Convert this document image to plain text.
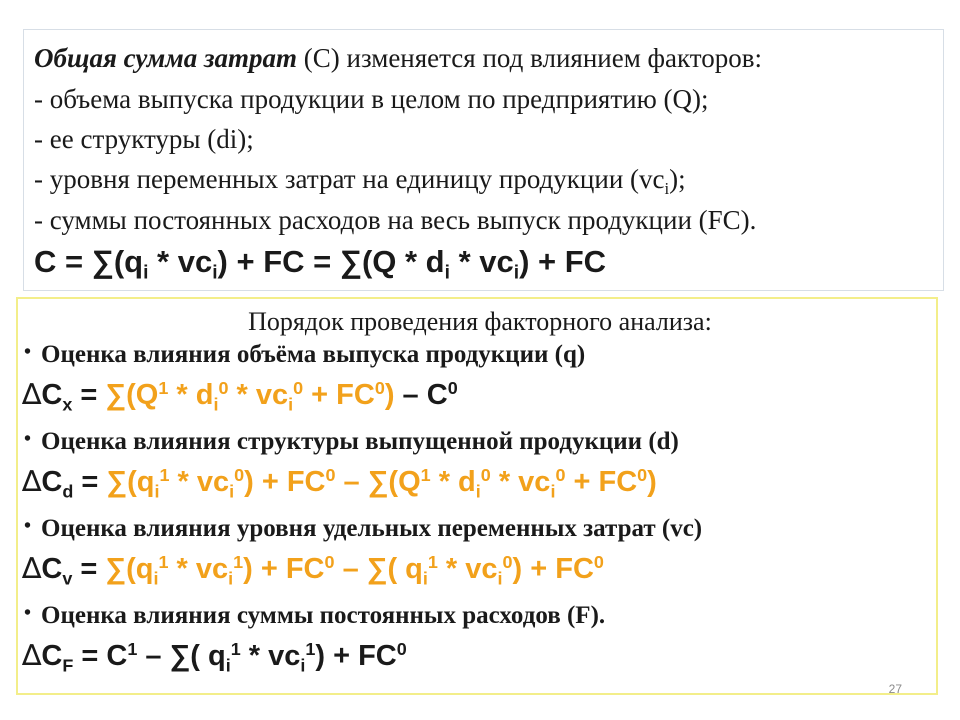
Общая сумма затрат (С) изменяется под влиянием факторов:
- объема выпуска продукции в целом по предприятию (Q);
- ее структуры (di);
- уровня переменных затрат на единицу продукции $(vc_i)$;
- суммы постоянных расходов на весь выпуск продукции (FC).
$C = \sum(q_i * vc_i)$ + FC = $\sum(Q * d_i * vc_i)$ + FC
Порядок проведения факторного анализа:
• Оценка влияния объёма выпуска продукции (q)
$\Delta C_x = \sum(Q^1 * d_i^0 * vc_i^0 + FC^0) - C^0$
• Оценка влияния структуры выпущенной продукции (d)
$\Delta C_d = \sum(q_i^1 * vc_i^0) + FC^0 - \sum(Q^1 * d_i^0 * vc_i^0 + FC^0)$
• Оценка влияния уровня удельных переменных затрат (vc)
$\Delta C_v = \sum(q_i^1 * vc_i^1) + FC^0$ – ∑( $q_i^1 * vc_i^0) + FC^0$
• Оценка влияния суммы постоянных расходов (F).
$\Delta C_F = C^1$ – ∑( $q_i^1 * vc_i^1) + FC^0$
27
